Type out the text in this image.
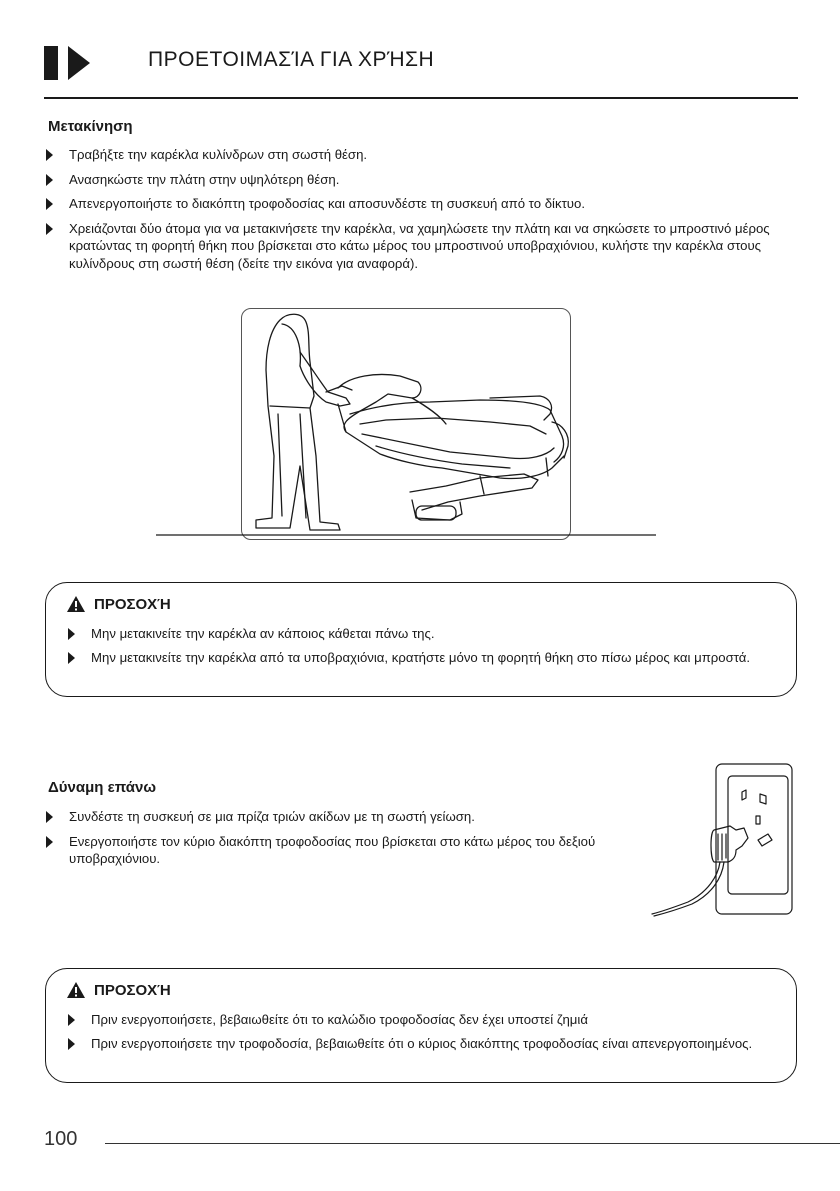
ΠΡΟΕΤΟΙΜΑΣΊΑ ΓΙΑ ΧΡΉΣΗ
Μετακίνηση
Τραβήξτε την καρέκλα κυλίνδρων στη σωστή θέση.
Ανασηκώστε την πλάτη στην υψηλότερη θέση.
Απενεργοποιήστε το διακόπτη τροφοδοσίας και αποσυνδέστε τη συσκευή από το δίκτυο.
Χρειάζονται δύο άτομα για να μετακινήσετε την καρέκλα, να χαμηλώσετε την πλάτη και να σηκώσετε το μπροστινό μέρος κρατώντας τη φορητή θήκη που βρίσκεται στο κάτω μέρος του μπροστινού υποβραχιόνιου, κυλήστε την καρέκλα στους κυλίνδρους στη σωστή θέση (δείτε την εικόνα για αναφορά).
ΠΡΟΣΟΧΉ
Μην μετακινείτε την καρέκλα αν κάποιος κάθεται πάνω της.
Μην μετακινείτε την καρέκλα από τα υποβραχιόνια, κρατήστε μόνο τη φορητή θήκη στο πίσω μέρος και μπροστά.
Δύναμη επάνω
Συνδέστε τη συσκευή σε μια πρίζα τριών ακίδων με τη σωστή γείωση.
Ενεργοποιήστε τον κύριο διακόπτη τροφοδοσίας που βρίσκεται στο κάτω μέρος του δεξιού υποβραχιόνιου.
ΠΡΟΣΟΧΉ
Πριν ενεργοποιήσετε, βεβαιωθείτε ότι το καλώδιο τροφοδοσίας δεν έχει υποστεί ζημιά
Πριν ενεργοποιήσετε την τροφοδοσία, βεβαιωθείτε ότι ο κύριος διακόπτης τροφοδοσίας είναι απενεργοποιημένος.
100
